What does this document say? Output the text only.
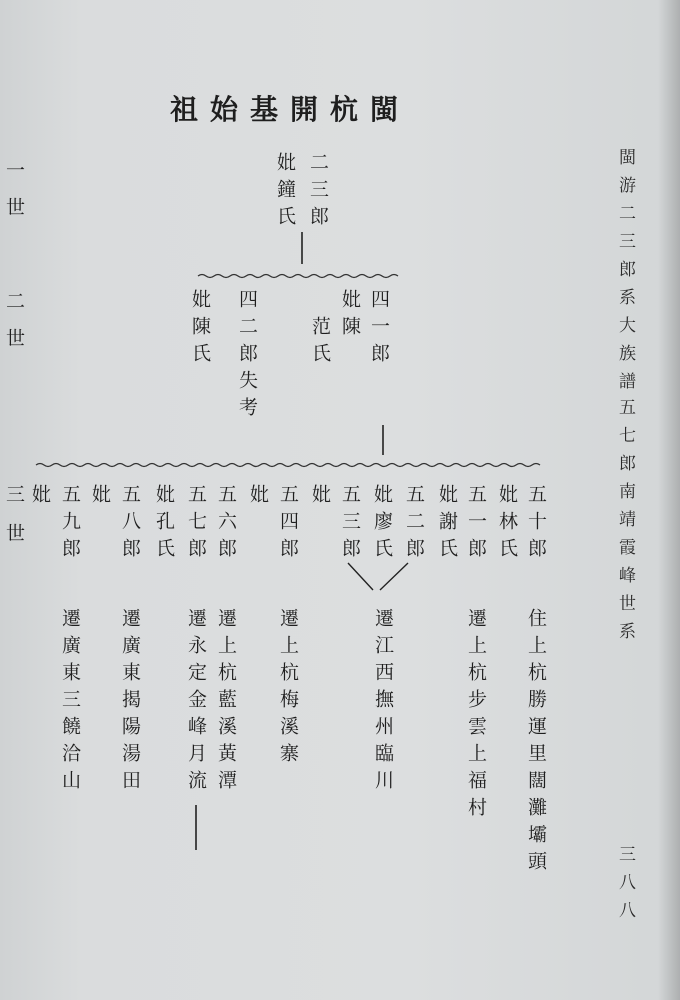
祖始基開杭閩
閩游二三郎系大族譜
五七郎南靖霞峰世系
三八八
一世
二世
三世
二三郎
妣鐘氏
四一郎
妣陳
范氏
四二郎失考
妣陳氏
五十郎
妣林氏
住上杭勝運里闊灘壩頭
五一郎
妣謝氏
遷上杭步雲上福村
五二郎
妣廖氏
遷江西撫州臨川
五三郎
妣
五四郎
妣
遷上杭梅溪寨
五六郎
遷上杭藍溪黃潭
五七郎
妣孔氏
遷永定金峰月流
五八郎
妣
遷廣東揭陽湯田
五九郎
妣
遷廣東三饒洽山
